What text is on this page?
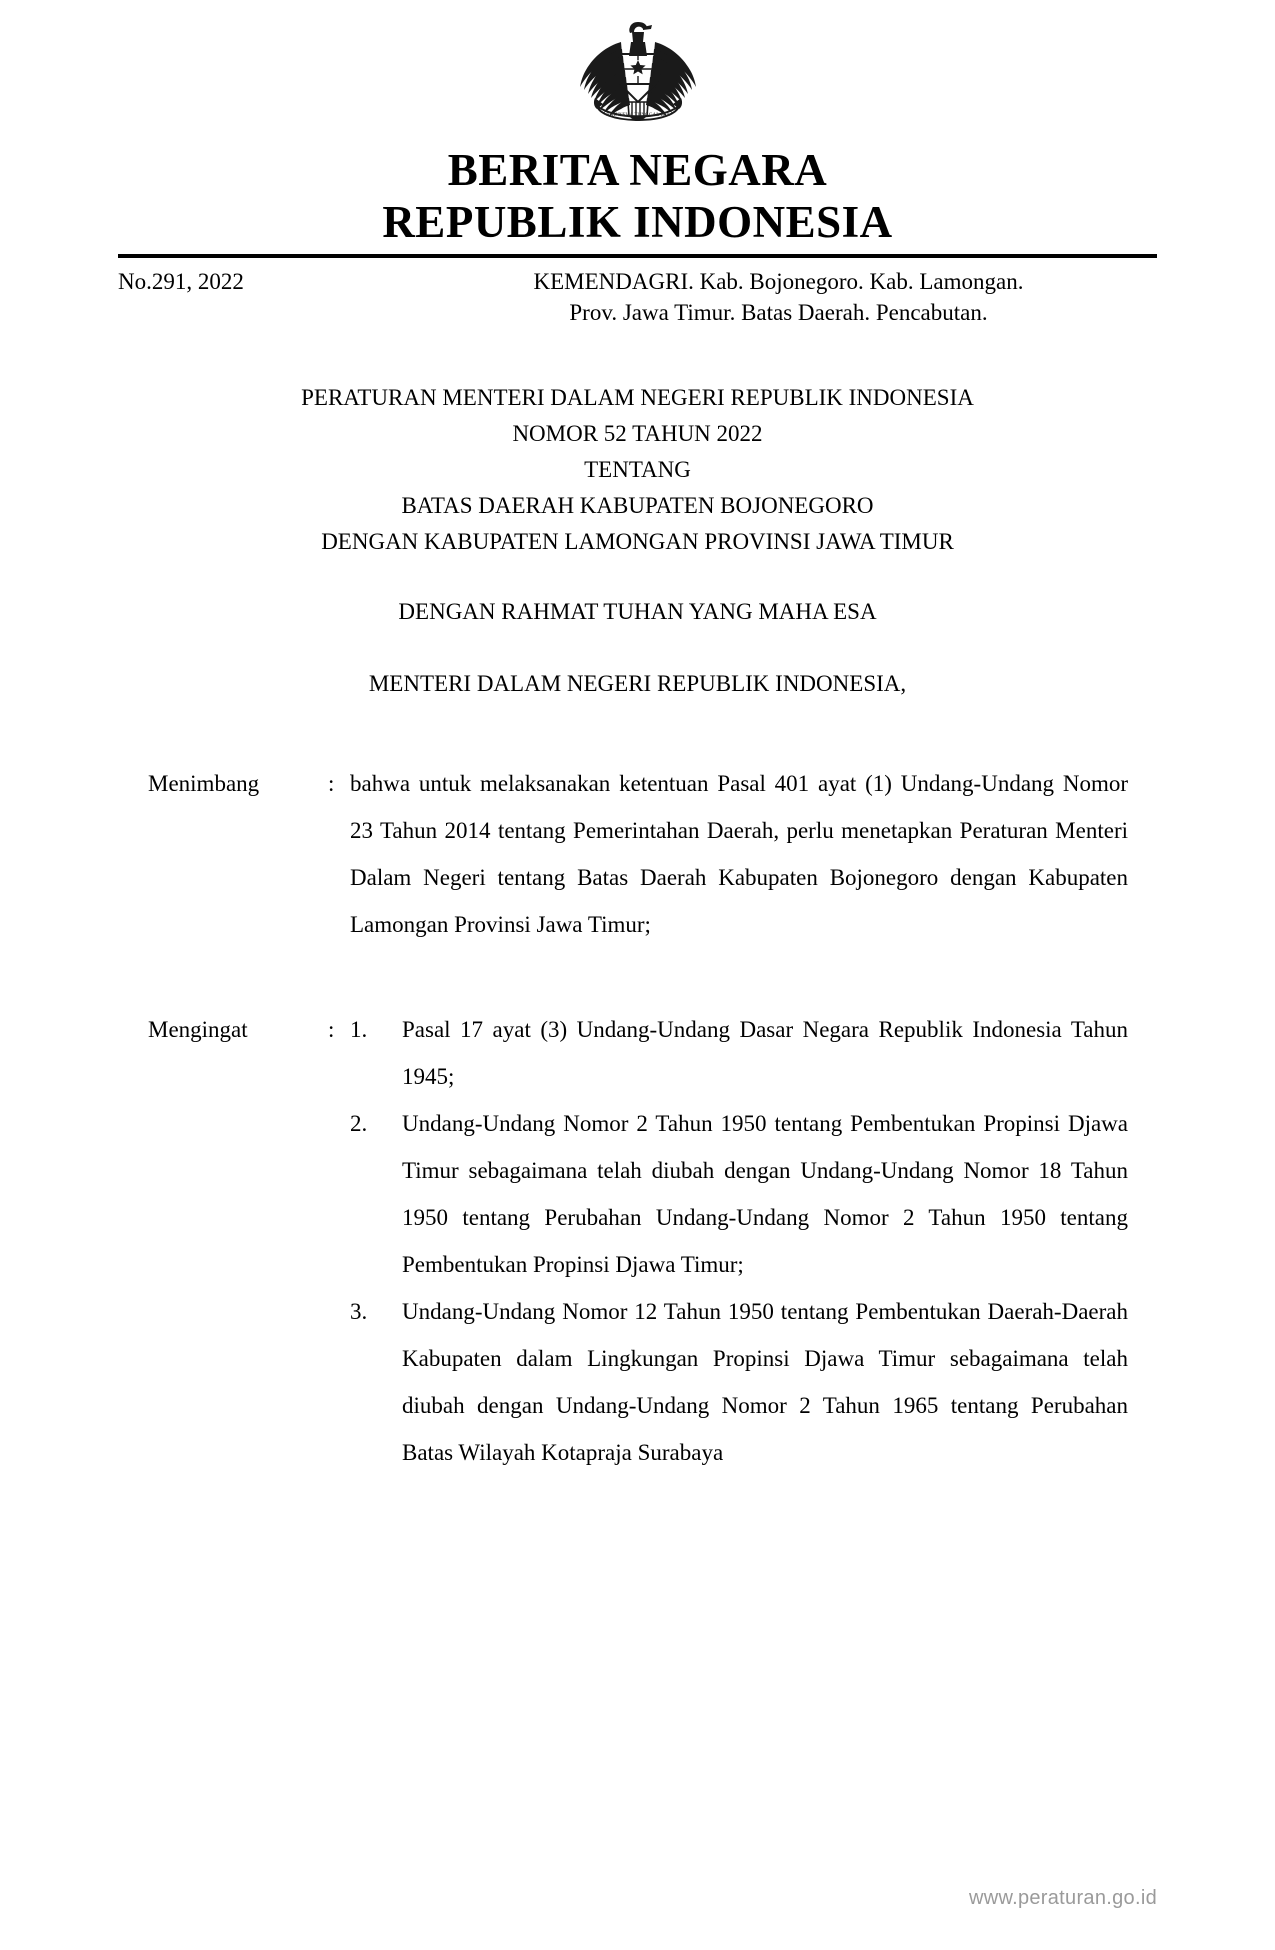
BHINNEKA TUNGGAL IKA
BERITA NEGARA
REPUBLIK INDONESIA
No.291, 2022	KEMENDAGRI. Kab. Bojonegoro. Kab. Lamongan.
Prov. Jawa Timur. Batas Daerah. Pencabutan.
PERATURAN MENTERI DALAM NEGERI REPUBLIK INDONESIA
NOMOR 52 TAHUN 2022
TENTANG
BATAS DAERAH KABUPATEN BOJONEGORO
DENGAN KABUPATEN LAMONGAN PROVINSI JAWA TIMUR
DENGAN RAHMAT TUHAN YANG MAHA ESA
MENTERI DALAM NEGERI REPUBLIK INDONESIA,
Menimbang	: bahwa untuk melaksanakan ketentuan Pasal 401 ayat (1) Undang-Undang Nomor 23 Tahun 2014 tentang Pemerintahan Daerah, perlu menetapkan Peraturan Menteri Dalam Negeri tentang Batas Daerah Kabupaten Bojonegoro dengan Kabupaten Lamongan Provinsi Jawa Timur;
Mengingat	: 1.	Pasal 17 ayat (3) Undang-Undang Dasar Negara Republik Indonesia Tahun 1945;
2.	Undang-Undang Nomor 2 Tahun 1950 tentang Pembentukan Propinsi Djawa Timur sebagaimana telah diubah dengan Undang-Undang Nomor 18 Tahun 1950 tentang Perubahan Undang-Undang Nomor 2 Tahun 1950 tentang Pembentukan Propinsi Djawa Timur;
3.	Undang-Undang Nomor 12 Tahun 1950 tentang Pembentukan Daerah-Daerah Kabupaten dalam Lingkungan Propinsi Djawa Timur sebagaimana telah diubah dengan Undang-Undang Nomor 2 Tahun 1965 tentang Perubahan Batas Wilayah Kotapraja Surabaya
www.peraturan.go.id
